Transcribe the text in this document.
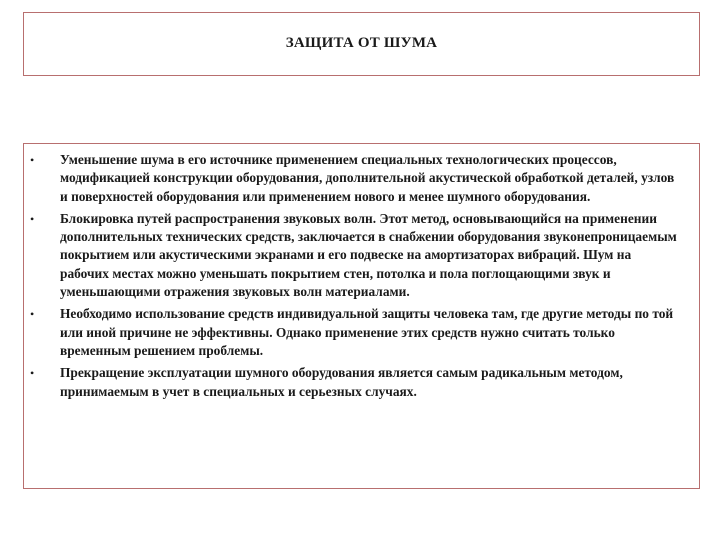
ЗАЩИТА ОТ ШУМА
• Уменьшение шума в его источнике применением специальных технологических процессов, модификацией конструкции оборудования, дополнительной акустической обработкой деталей, узлов и поверхностей оборудования или применением нового и менее шумного оборудования.
• Блокировка путей распространения звуковых волн. Этот метод, основывающийся на применении дополнительных технических средств, заключается в снабжении оборудования звуконепроницаемым покрытием или акустическими экранами и его подвеске на амортизаторах вибраций. Шум на рабочих местах можно уменьшать покрытием стен, потолка и пола поглощающими звук и уменьшающими отражения звуковых волн материалами.
• Необходимо использование средств индивидуальной защиты человека там, где другие методы по той или иной причине не эффективны. Однако применение этих средств нужно считать только временным решением проблемы.
• Прекращение эксплуатации шумного оборудования является самым радикальным методом, принимаемым в учет в специальных и серьезных случаях.
